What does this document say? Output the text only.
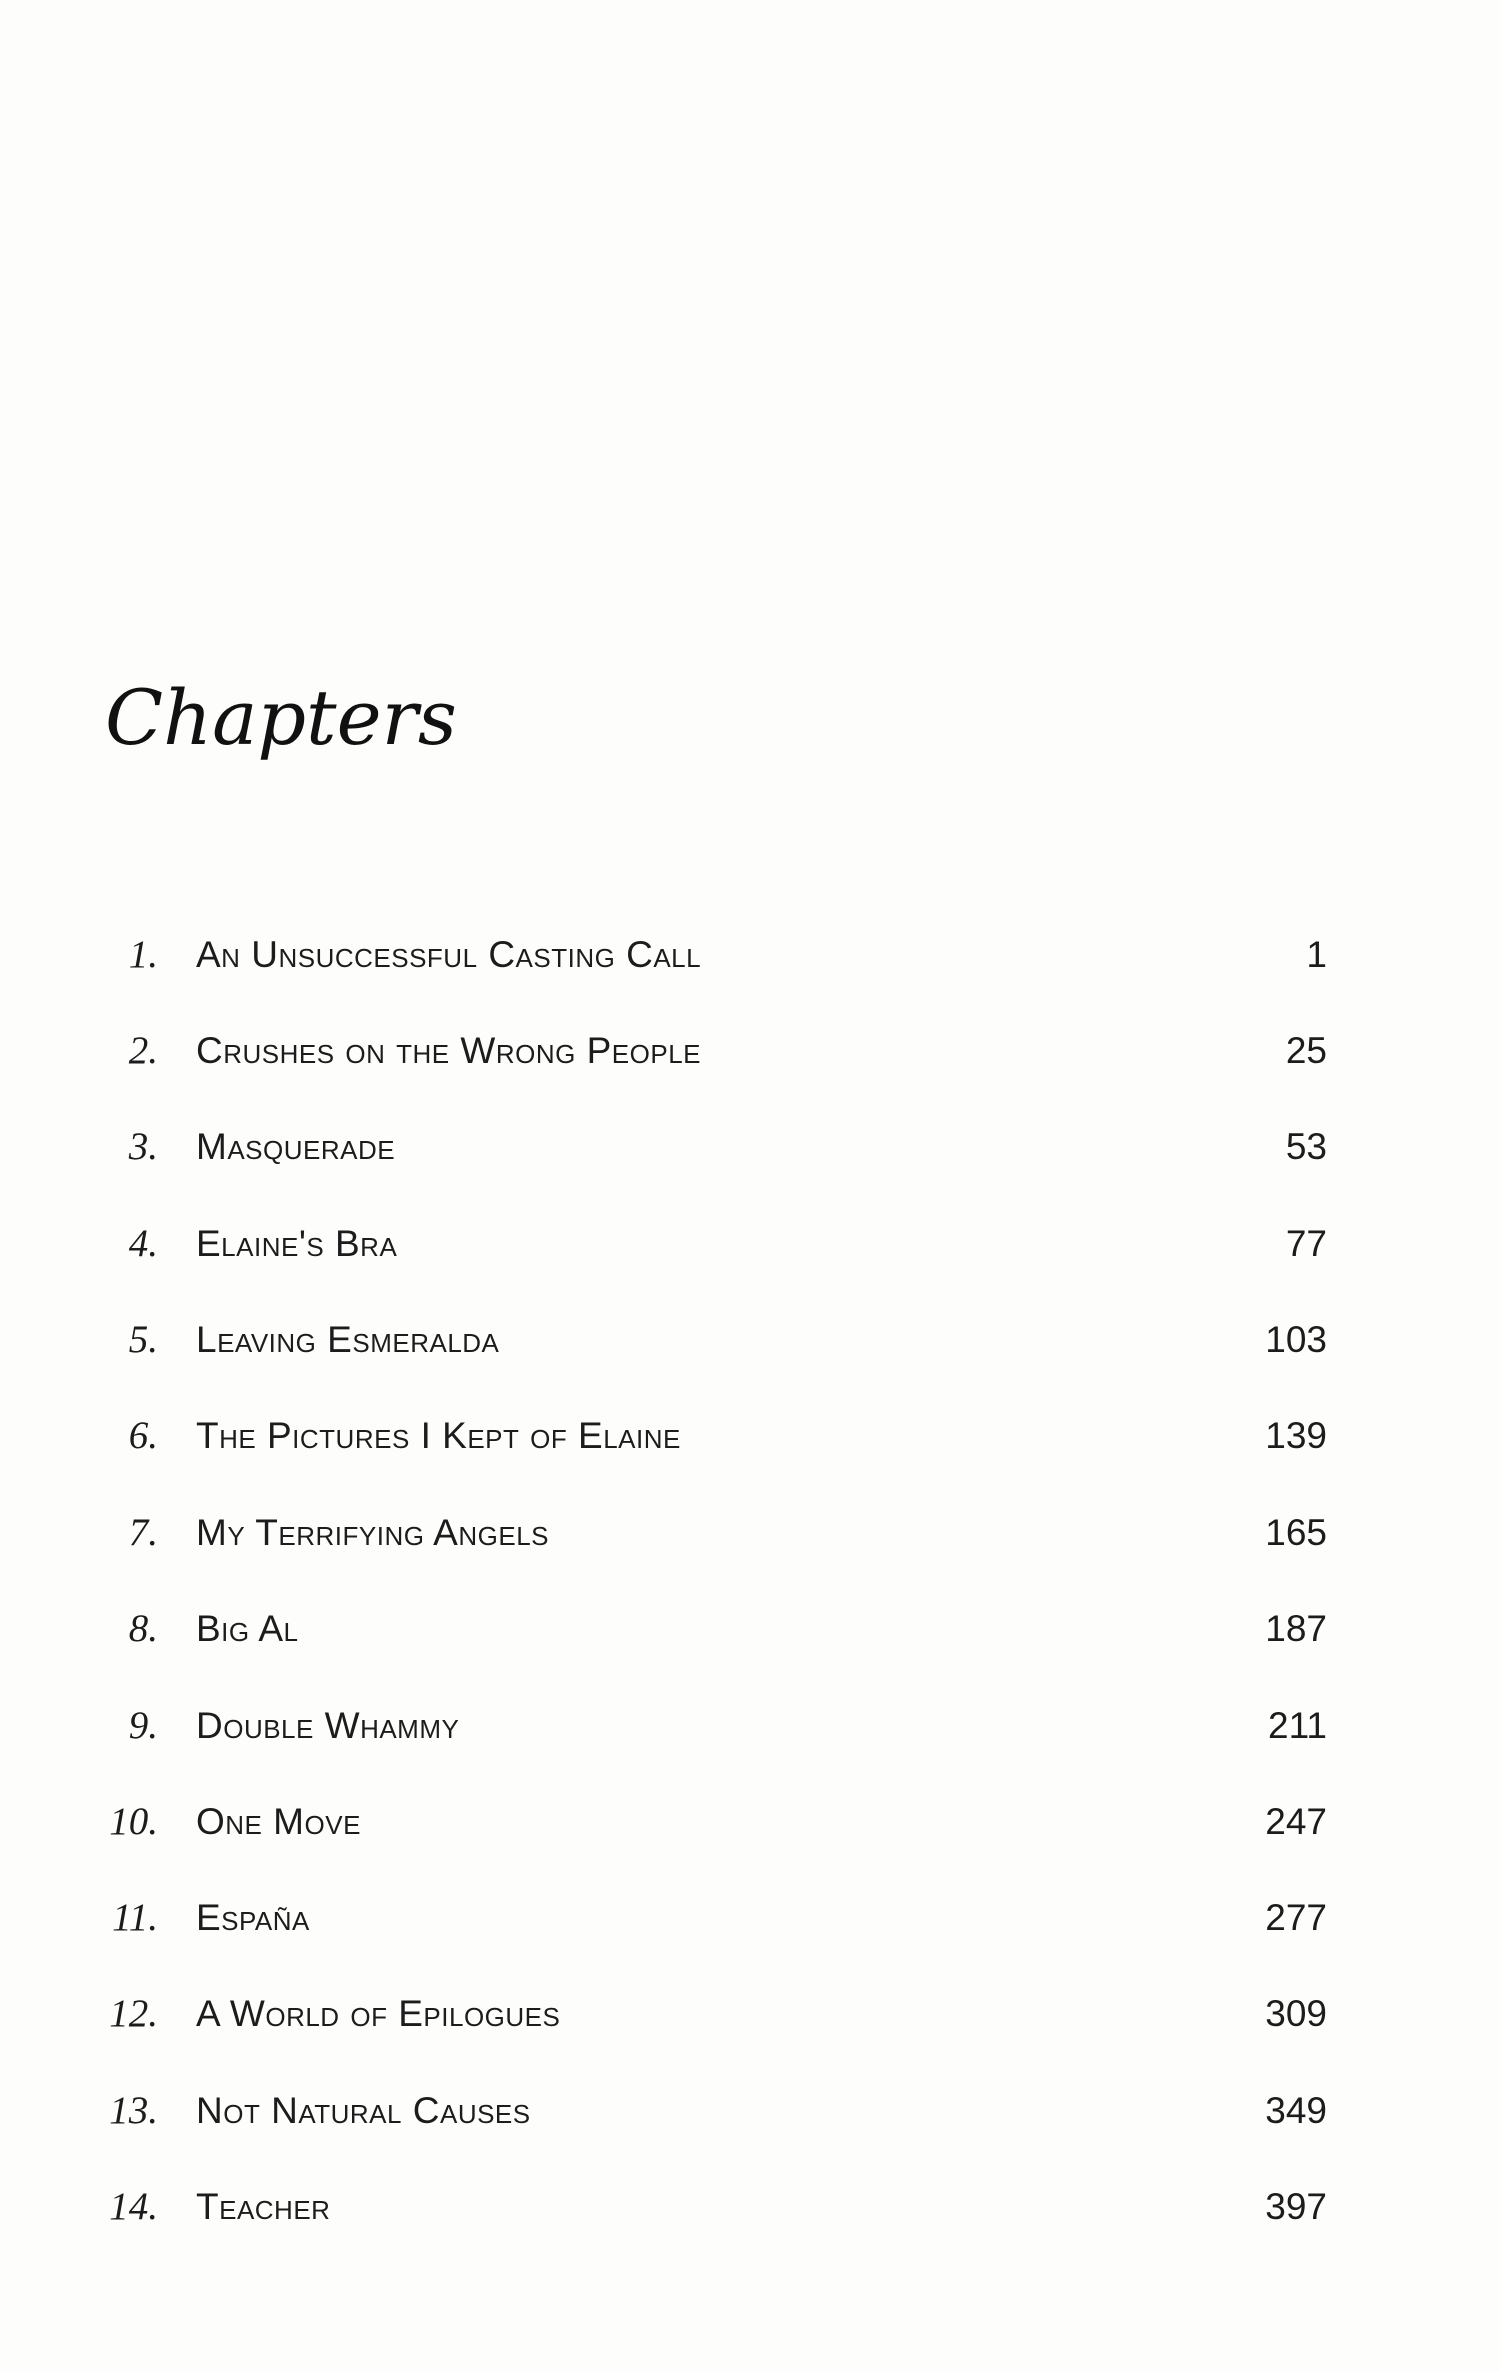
Chapters
1. An Unsuccessful Casting Call	1
2. Crushes on the Wrong People	25
3. Masquerade	53
4. Elaine's Bra	77
5. Leaving Esmeralda	103
6. The Pictures I Kept of Elaine	139
7. My Terrifying Angels	165
8. Big Al	187
9. Double Whammy	211
10. One Move	247
11. España	277
12. A World of Epilogues	309
13. Not Natural Causes	349
14. Teacher	397
